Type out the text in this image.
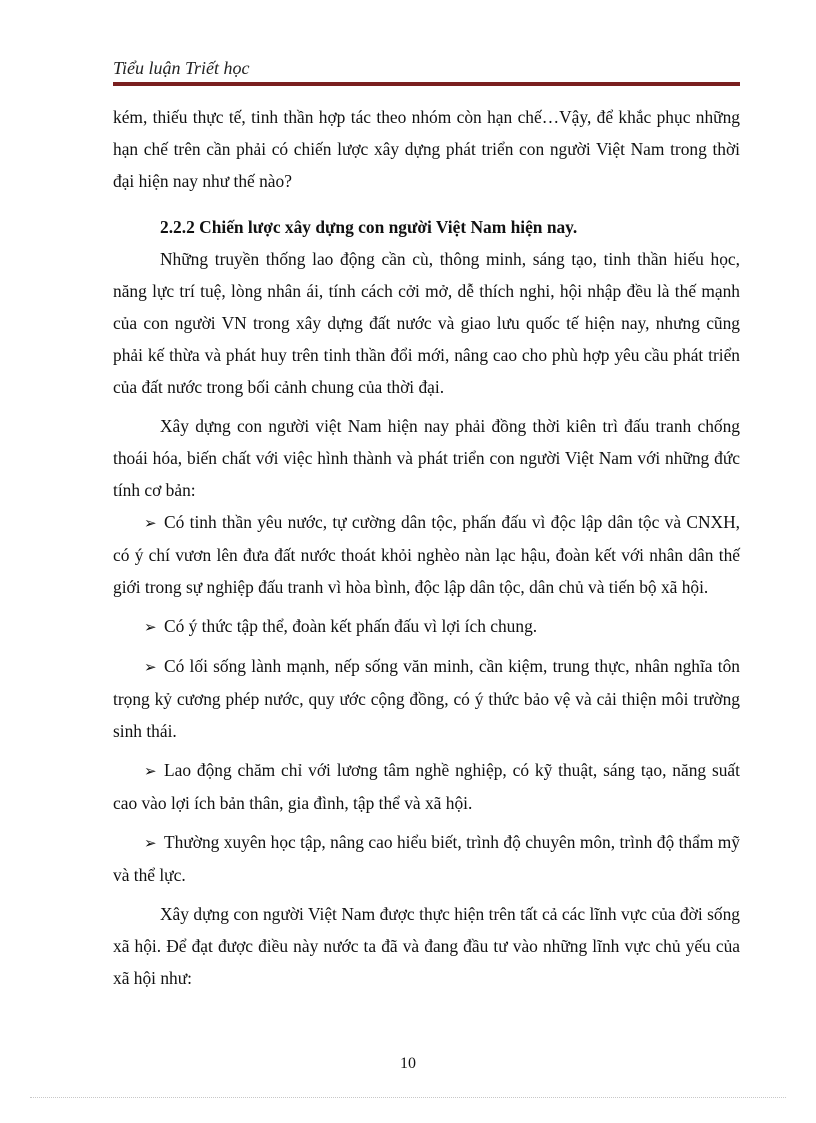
Tiểu luận Triết học

kém, thiếu thực tế, tinh thần hợp tác theo nhóm còn hạn chế…Vậy, để khắc phục những hạn chế trên cần phải có chiến lược xây dựng phát triển con người Việt Nam trong thời đại hiện nay như thế nào?

2.2.2 Chiến lược xây dựng con người Việt Nam hiện nay.

Những truyền thống lao động cần cù, thông minh, sáng tạo, tinh thần hiếu học, năng lực trí tuệ, lòng nhân ái, tính cách cởi mở, dễ thích nghi, hội nhập đều là thế mạnh của con người VN trong xây dựng đất nước và giao lưu quốc tế hiện nay, nhưng cũng phải kế thừa và phát huy trên tinh thần đổi mới, nâng cao cho phù hợp yêu cầu phát triển của đất nước trong bối cảnh chung của thời đại.

Xây dựng con người việt Nam hiện nay phải đồng thời kiên trì đấu tranh chống thoái hóa, biến chất với việc hình thành và phát triển con người Việt Nam với những đức tính cơ bản:

➢ Có tinh thần yêu nước, tự cường dân tộc, phấn đấu vì độc lập dân tộc và CNXH, có ý chí vươn lên đưa đất nước thoát khỏi nghèo nàn lạc hậu, đoàn kết với nhân dân thế giới trong sự nghiệp đấu tranh vì hòa bình, độc lập dân tộc, dân chủ và tiến bộ xã hội.

➢ Có ý thức tập thể, đoàn kết phấn đấu vì lợi ích chung.

➢ Có lối sống lành mạnh, nếp sống văn minh, cần kiệm, trung thực, nhân nghĩa tôn trọng kỷ cương phép nước, quy ước cộng đồng, có ý thức bảo vệ và cải thiện môi trường sinh thái.

➢ Lao động chăm chỉ với lương tâm nghề nghiệp, có kỹ thuật, sáng tạo, năng suất cao vào lợi ích bản thân, gia đình, tập thể và xã hội.

➢ Thường xuyên học tập, nâng cao hiểu biết, trình độ chuyên môn, trình độ thẩm mỹ và thể lực.

Xây dựng con người Việt Nam được thực hiện trên tất cả các lĩnh vực của đời sống xã hội. Để đạt được điều này nước ta đã và đang đầu tư vào những lĩnh vực chủ yếu của xã hội như:

10
